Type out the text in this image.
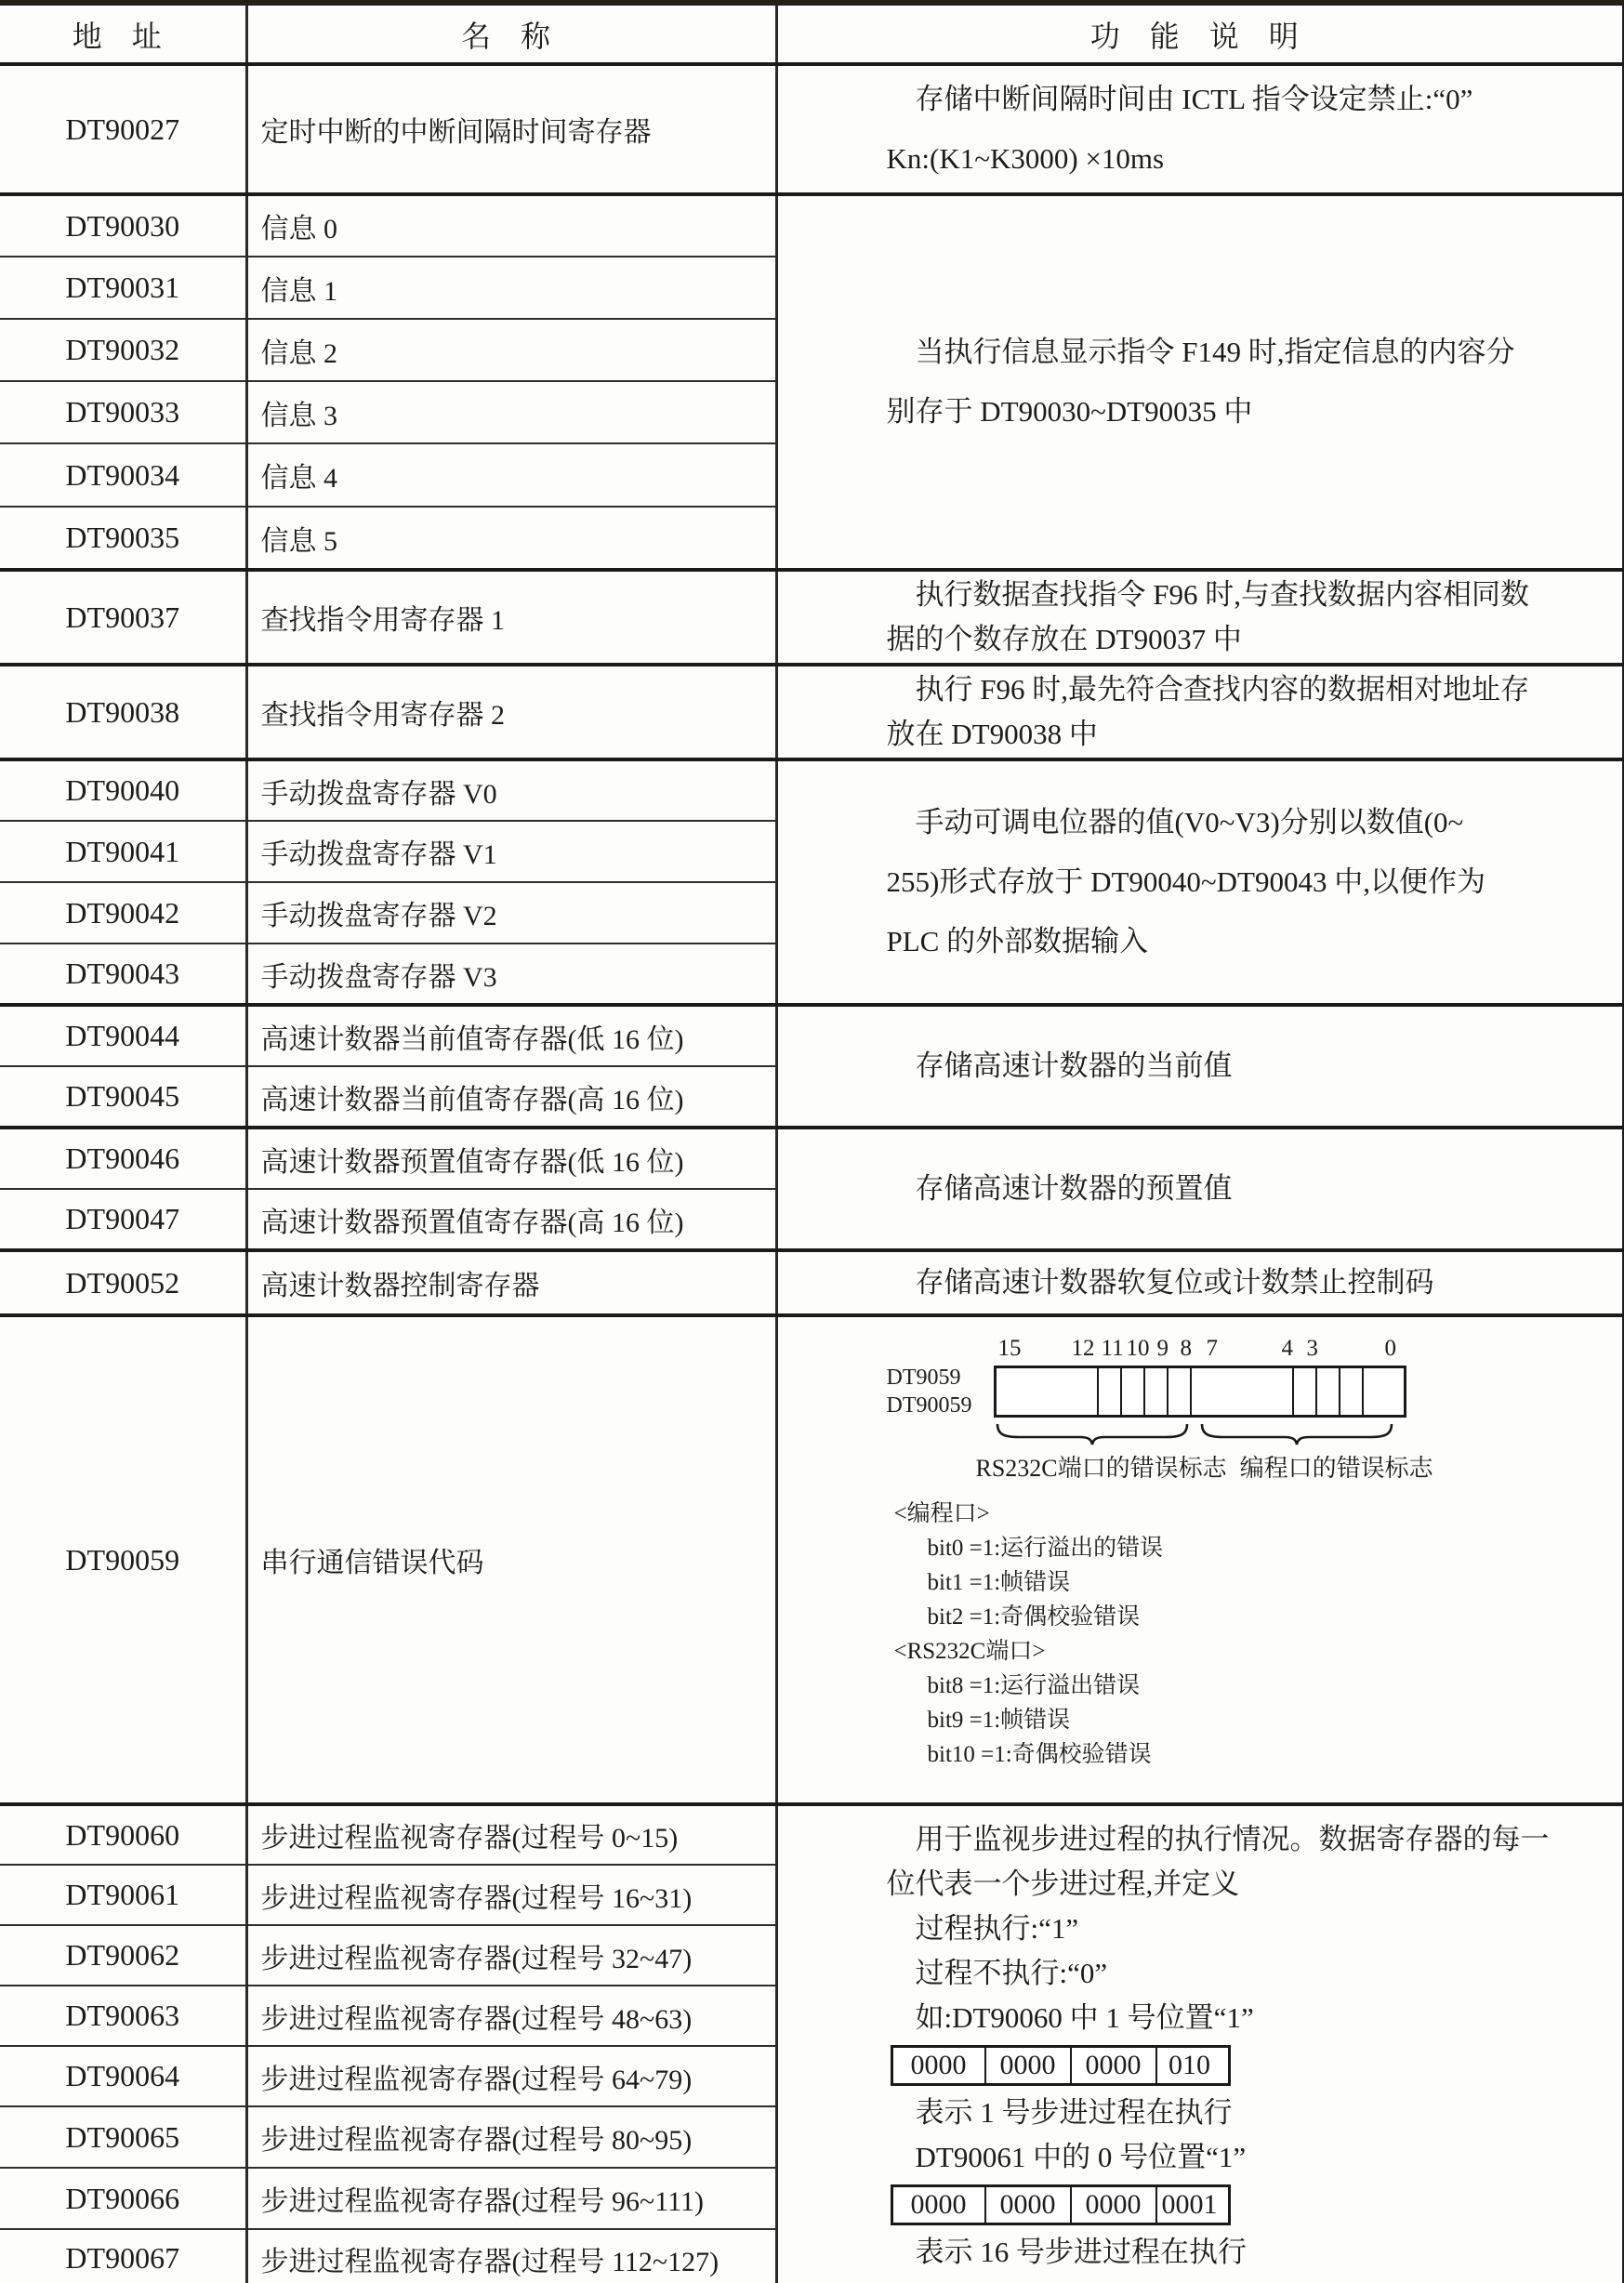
地 址	名 称	功 能 说 明
DT90027	定时中断的中断间隔时间寄存器	存储中断间隔时间由 ICTL 指令设定禁止:“0”
Kn:(K1~K3000) ×10ms

DT90030	信息 0	当执行信息显示指令 F149 时,指定信息的内容分
别存于 DT90030~DT90035 中

DT90031	信息 1	
DT90032	信息 2	
DT90033	信息 3	
DT90034	信息 4	
DT90035	信息 5	
DT90037	查找指令用寄存器 1	执行数据查找指令 F96 时,与查找数据内容相同数
据的个数存放在 DT90037 中

DT90038	查找指令用寄存器 2	执行 F96 时,最先符合查找内容的数据相对地址存
放在 DT90038 中

DT90040	手动拨盘寄存器 V0	手动可调电位器的值(V0~V3)分别以数值(0~
255)形式存放于 DT90040~DT90043 中,以便作为
PLC 的外部数据输入

DT90041	手动拨盘寄存器 V1	
DT90042	手动拨盘寄存器 V2	
DT90043	手动拨盘寄存器 V3	
DT90044	高速计数器当前值寄存器(低 16 位)	存储高速计数器的当前值

DT90045	高速计数器当前值寄存器(高 16 位)	
DT90046	高速计数器预置值寄存器(低 16 位)	存储高速计数器的预置值

DT90047	高速计数器预置值寄存器(高 16 位)	
DT90052	高速计数器控制寄存器	存储高速计数器软复位或计数禁止控制码

DT90059	串行通信错误代码	
15 12 11 10 9 8 7	4 3	0
DT9059
DT90059
RS232C端口的错误标志 编程口的错误标志
<编程口>
bit0 =1:运行溢出的错误
bit1 =1:帧错误
bit2 =1:奇偶校验错误
<RS232C端口>
bit8 =1:运行溢出错误
bit9 =1:帧错误
bit10 =1:奇偶校验错误

DT90060	步进过程监视寄存器(过程号 0~15)	用于监视步进过程的执行情况。数据寄存器的每一
位代表一个步进过程,并定义
过程执行:“1”
过程不执行:“0”
如:DT90060 中 1 号位置“1”
0000	0000	0000 010
表示 1 号步进过程在执行
DT90061 中的 0 号位置“1”
0000	0000	0000 0001
表示 16 号步进过程在执行

DT90061	步进过程监视寄存器(过程号 16~31)	
DT90062	步进过程监视寄存器(过程号 32~47)	
DT90063	步进过程监视寄存器(过程号 48~63)	
DT90064	步进过程监视寄存器(过程号 64~79)	
DT90065	步进过程监视寄存器(过程号 80~95)	
DT90066	步进过程监视寄存器(过程号 96~111)	
DT90067	步进过程监视寄存器(过程号 112~127)	
